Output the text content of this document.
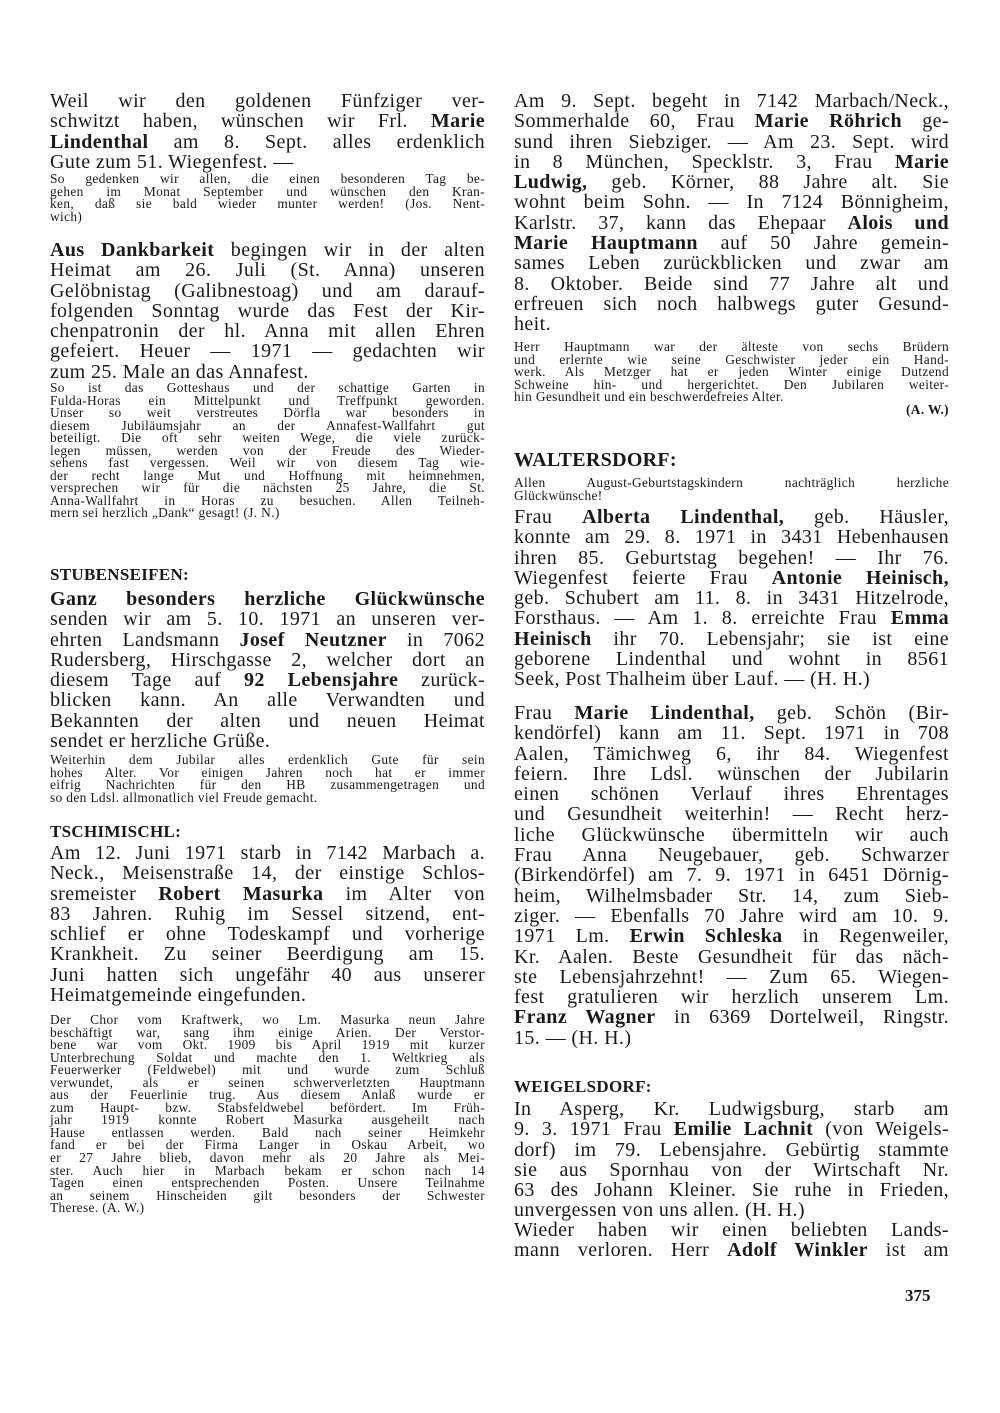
Weil wir den goldenen Fünfziger ver-
schwitzt haben, wünschen wir Frl. Marie
Lindenthal am 8. Sept. alles erdenklich
Gute zum 51. Wiegenfest. —
So gedenken wir allen, die einen besonderen Tag be-
gehen im Monat September und wünschen den Kran-
ken, daß sie bald wieder munter werden! (Jos. Nent-
wich)
Aus Dankbarkeit begingen wir in der alten
Heimat am 26. Juli (St. Anna) unseren
Gelöbnistag (Galibnestoag) und am darauf-
folgenden Sonntag wurde das Fest der Kir-
chenpatronin der hl. Anna mit allen Ehren
gefeiert. Heuer — 1971 — gedachten wir
zum 25. Male an das Annafest.
So ist das Gotteshaus und der schattige Garten in
Fulda-Horas ein Mittelpunkt und Treffpunkt geworden.
Unser so weit verstreutes Dörfla war besonders in
diesem Jubiläumsjahr an der Annafest-Wallfahrt gut
beteiligt. Die oft sehr weiten Wege, die viele zurück-
legen müssen, werden von der Freude des Wieder-
sehens fast vergessen. Weil wir von diesem Tag wie-
der recht lange Mut und Hoffnung mit heimnehmen,
versprechen wir für die nächsten 25 Jahre, die St.
Anna-Wallfahrt in Horas zu besuchen. Allen Teilneh-
mern sei herzlich „Dank“ gesagt! (J. N.)
STUBENSEIFEN:
Ganz besonders herzliche Glückwünsche
senden wir am 5. 10. 1971 an unseren ver-
ehrten Landsmann Josef Neutzner in 7062
Rudersberg, Hirschgasse 2, welcher dort an
diesem Tage auf 92 Lebensjahre zurück-
blicken kann. An alle Verwandten und
Bekannten der alten und neuen Heimat
sendet er herzliche Grüße.
Weiterhin dem Jubilar alles erdenklich Gute für sein
hohes Alter. Vor einigen Jahren noch hat er immer
eifrig Nachrichten für den HB zusammengetragen und
so den Ldsl. allmonatlich viel Freude gemacht.
TSCHIMISCHL:
Am 12. Juni 1971 starb in 7142 Marbach a.
Neck., Meisenstraße 14, der einstige Schlos-
sremeister Robert Masurka im Alter von
83 Jahren. Ruhig im Sessel sitzend, ent-
schlief er ohne Todeskampf und vorherige
Krankheit. Zu seiner Beerdigung am 15.
Juni hatten sich ungefähr 40 aus unserer
Heimatgemeinde eingefunden.
Der Chor vom Kraftwerk, wo Lm. Masurka neun Jahre
beschäftigt war, sang ihm einige Arien. Der Verstor-
bene war vom Okt. 1909 bis April 1919 mit kurzer
Unterbrechung Soldat und machte den 1. Weltkrieg als
Feuerwerker (Feldwebel) mit und wurde zum Schluß
verwundet, als er seinen schwerverletzten Hauptmann
aus der Feuerlinie trug. Aus diesem Anlaß wurde er
zum Haupt- bzw. Stabsfeldwebel befördert. Im Früh-
jahr 1919 konnte Robert Masurka ausgeheilt nach
Hause entlassen werden. Bald nach seiner Heimkehr
fand er bei der Firma Langer in Oskau Arbeit, wo
er 27 Jahre blieb, davon mehr als 20 Jahre als Mei-
ster. Auch hier in Marbach bekam er schon nach 14
Tagen einen entsprechenden Posten. Unsere Teilnahme
an seinem Hinscheiden gilt besonders der Schwester
Therese. (A. W.)
Am 9. Sept. begeht in 7142 Marbach/Neck.,
Sommerhalde 60, Frau Marie Röhrich ge-
sund ihren Siebziger. — Am 23. Sept. wird
in 8 München, Specklstr. 3, Frau Marie
Ludwig, geb. Körner, 88 Jahre alt. Sie
wohnt beim Sohn. — In 7124 Bönnigheim,
Karlstr. 37, kann das Ehepaar Alois und
Marie Hauptmann auf 50 Jahre gemein-
sames Leben zurückblicken und zwar am
8. Oktober. Beide sind 77 Jahre alt und
erfreuen sich noch halbwegs guter Gesund-
heit.
Herr Hauptmann war der älteste von sechs Brüdern
und erlernte wie seine Geschwister jeder ein Hand-
werk. Als Metzger hat er jeden Winter einige Dutzend
Schweine hin- und hergerichtet. Den Jubilaren weiter-
hin Gesundheit und ein beschwerdefreies Alter.
(A. W.)
WALTERSDORF:
Allen August-Geburtstagskindern nachträglich herzliche
Glückwünsche!
Frau Alberta Lindenthal, geb. Häusler,
konnte am 29. 8. 1971 in 3431 Hebenhausen
ihren 85. Geburtstag begehen! — Ihr 76.
Wiegenfest feierte Frau Antonie Heinisch,
geb. Schubert am 11. 8. in 3431 Hitzelrode,
Forsthaus. — Am 1. 8. erreichte Frau Emma
Heinisch ihr 70. Lebensjahr; sie ist eine
geborene Lindenthal und wohnt in 8561
Seek, Post Thalheim über Lauf. — (H. H.)
Frau Marie Lindenthal, geb. Schön (Bir-
kendörfel) kann am 11. Sept. 1971 in 708
Aalen, Tämichweg 6, ihr 84. Wiegenfest
feiern. Ihre Ldsl. wünschen der Jubilarin
einen schönen Verlauf ihres Ehrentages
und Gesundheit weiterhin! — Recht herz-
liche Glückwünsche übermitteln wir auch
Frau Anna Neugebauer, geb. Schwarzer
(Birkendörfel) am 7. 9. 1971 in 6451 Dörnig-
heim, Wilhelmsbader Str. 14, zum Sieb-
ziger. — Ebenfalls 70 Jahre wird am 10. 9.
1971 Lm. Erwin Schleska in Regenweiler,
Kr. Aalen. Beste Gesundheit für das näch-
ste Lebensjahrzehnt! — Zum 65. Wiegen-
fest gratulieren wir herzlich unserem Lm.
Franz Wagner in 6369 Dortelweil, Ringstr.
15. — (H. H.)
WEIGELSDORF:
In Asperg, Kr. Ludwigsburg, starb am
9. 3. 1971 Frau Emilie Lachnit (von Weigels-
dorf) im 79. Lebensjahre. Gebürtig stammte
sie aus Spornhau von der Wirtschaft Nr.
63 des Johann Kleiner. Sie ruhe in Frieden,
unvergessen von uns allen. (H. H.)
Wieder haben wir einen beliebten Lands-
mann verloren. Herr Adolf Winkler ist am
375
